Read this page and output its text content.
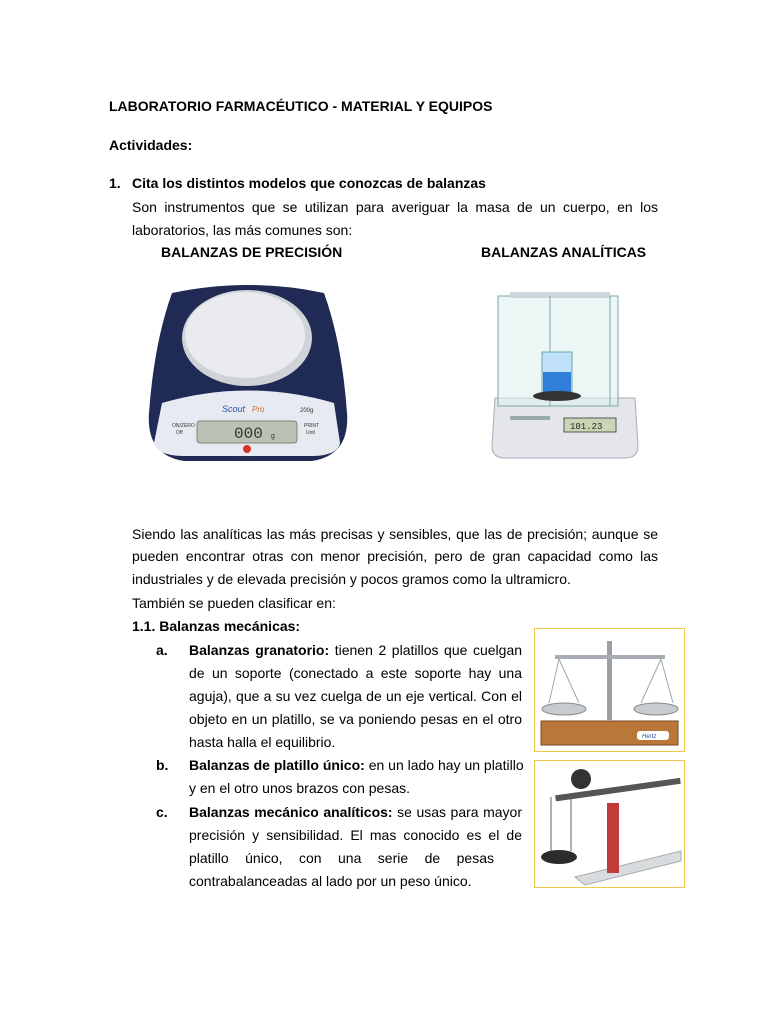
LABORATORIO FARMACÉUTICO - MATERIAL Y EQUIPOS
Actividades:
1. Cita los distintos modelos que conozcas de balanzas
Son instrumentos que se utilizan para averiguar la masa de un cuerpo, en los
laboratorios, las más comunes son:
BALANZAS DE PRECISIÓN	BALANZAS ANALÍTICAS
Scout Pro	200g
000 g
ON/ZERO
Off
PRINT
Unit
OHAUS
101.23
Siendo las analíticas las más precisas y sensibles, que las de precisión; aunque se
pueden encontrar otras con menor precisión, pero de gran capacidad como las
industriales y de elevada precisión y pocos gramos como la ultramicro.
También se pueden clasificar en:
1.1. Balanzas mecánicas:
a. Balanzas granatorio: tienen 2 platillos que cuelgan
de un soporte (conectado a este soporte hay una
aguja), que a su vez cuelga de un eje vertical. Con el
objeto en un platillo, se va poniendo pesas en el otro
hasta halla el equilibrio.
b. Balanzas de platillo único: en un lado hay un platillo
y en el otro unos brazos con pesas.
c. Balanzas mecánico analíticos: se usas para mayor
precisión y sensibilidad. El mas conocido es el de
platillo único, con una serie de pesas
contrabalanceadas al lado por un peso único.
Hertz
